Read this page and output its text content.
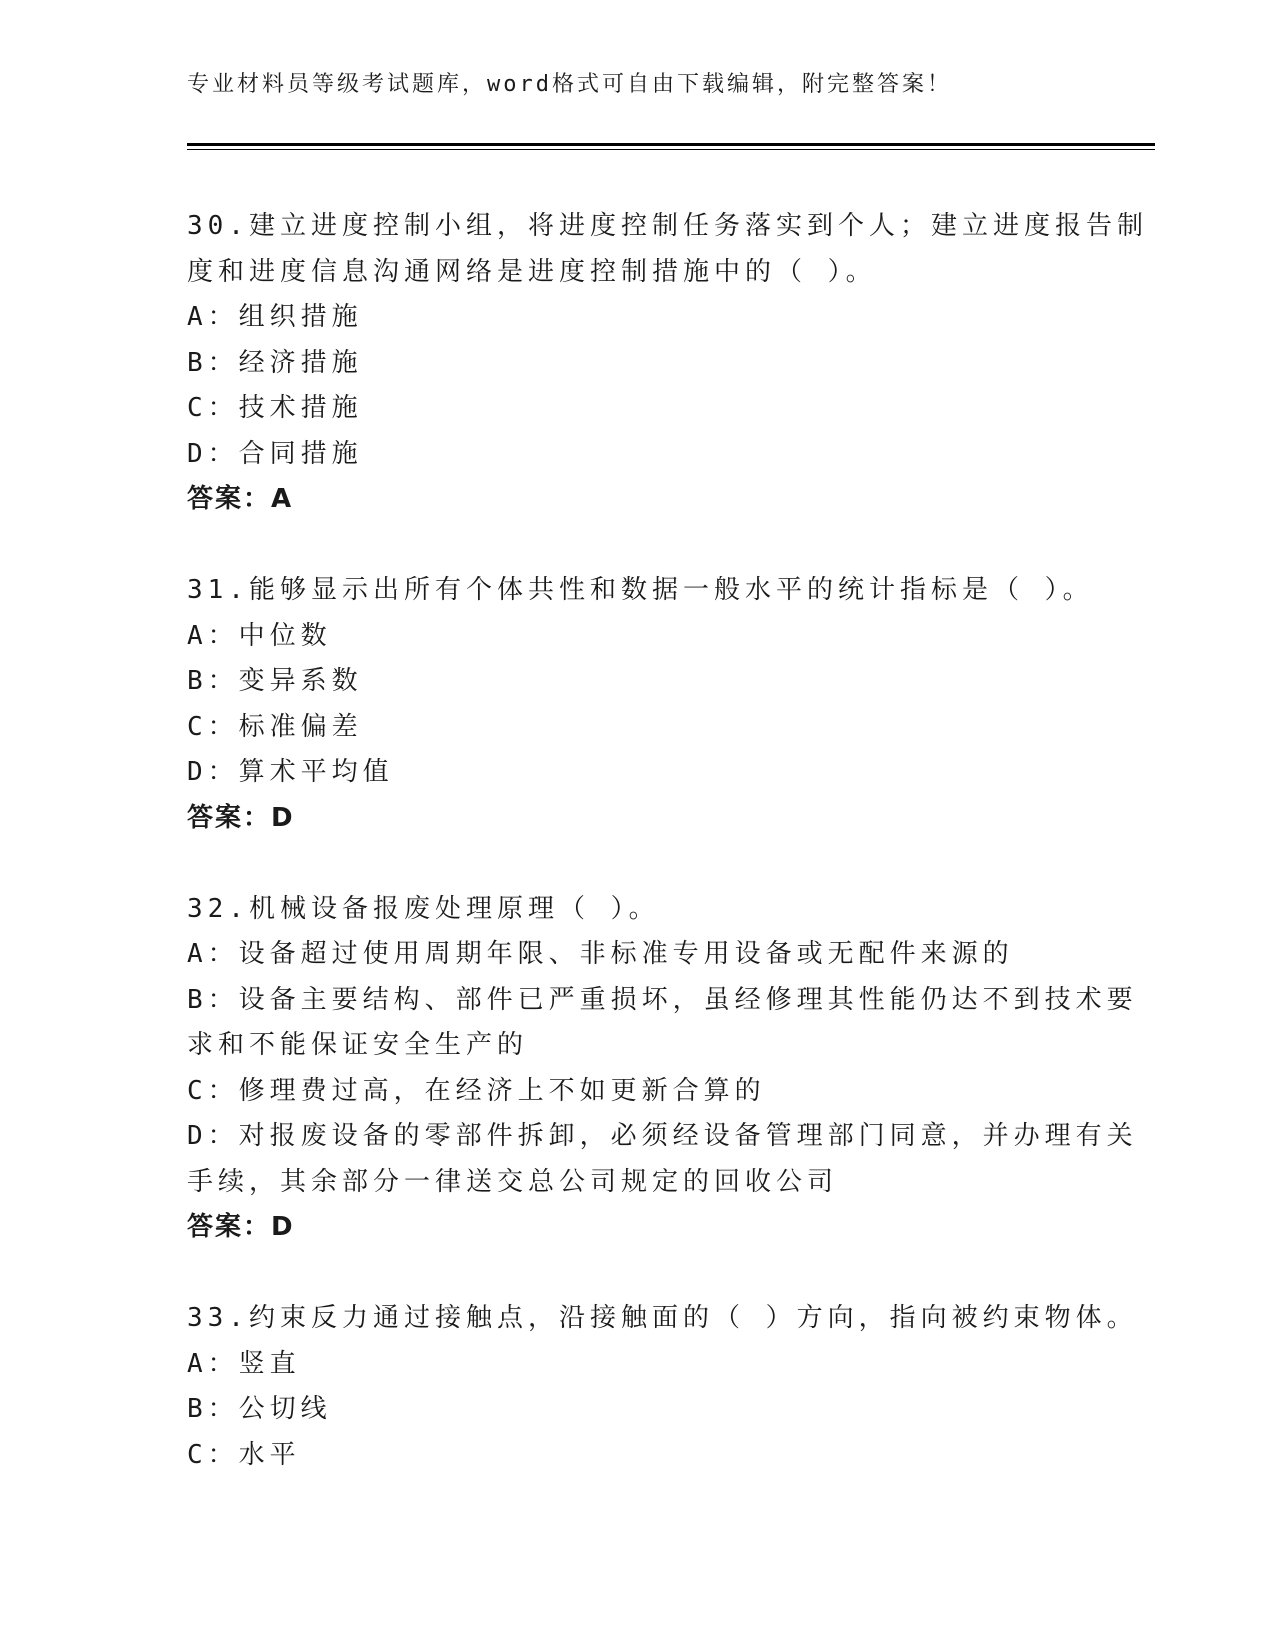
专业材料员等级考试题库，word格式可自由下载编辑，附完整答案！
30.建立进度控制小组，将进度控制任务落实到个人；建立进度报告制
度和进度信息沟通网络是进度控制措施中的（ ）。
A：组织措施
B：经济措施
C：技术措施
D：合同措施
答案：A
31.能够显示出所有个体共性和数据一般水平的统计指标是（ ）。
A：中位数
B：变异系数
C：标准偏差
D：算术平均值
答案：D
32.机械设备报废处理原理（ ）。
A：设备超过使用周期年限、非标准专用设备或无配件来源的
B：设备主要结构、部件已严重损坏，虽经修理其性能仍达不到技术要
求和不能保证安全生产的
C：修理费过高，在经济上不如更新合算的
D：对报废设备的零部件拆卸，必须经设备管理部门同意，并办理有关
手续，其余部分一律送交总公司规定的回收公司
答案：D
33.约束反力通过接触点，沿接触面的（ ）方向，指向被约束物体。
A：竖直
B：公切线
C：水平
